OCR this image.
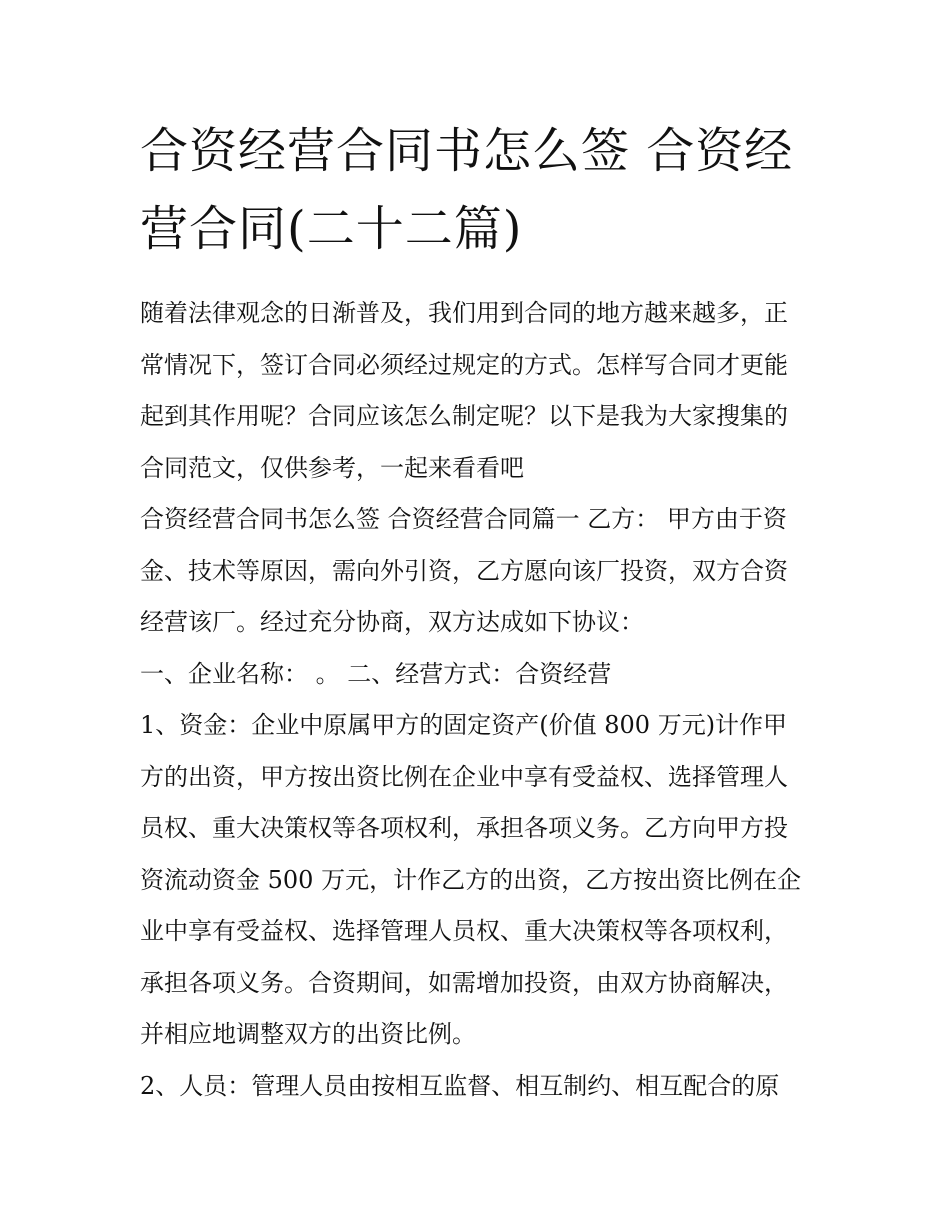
合资经营合同书怎么签 合资经
营合同(二十二篇)

随着法律观念的日渐普及，我们用到合同的地方越来越多，正
常情况下，签订合同必须经过规定的方式。怎样写合同才更能
起到其作用呢？合同应该怎么制定呢？以下是我为大家搜集的
合同范文，仅供参考，一起来看看吧

合资经营合同书怎么签 合资经营合同篇一 乙方： 甲方由于资
金、技术等原因，需向外引资，乙方愿向该厂投资，双方合资
经营该厂。经过充分协商，双方达成如下协议：

一、企业名称： 。 二、经营方式：合资经营

1、资金：企业中原属甲方的固定资产(价值 800 万元)计作甲
方的出资，甲方按出资比例在企业中享有受益权、选择管理人
员权、重大决策权等各项权利，承担各项义务。乙方向甲方投
资流动资金 500 万元，计作乙方的出资，乙方按出资比例在企
业中享有受益权、选择管理人员权、重大决策权等各项权利，
承担各项义务。合资期间，如需增加投资，由双方协商解决，
并相应地调整双方的出资比例。

2、人员：管理人员由按相互监督、相互制约、相互配合的原
